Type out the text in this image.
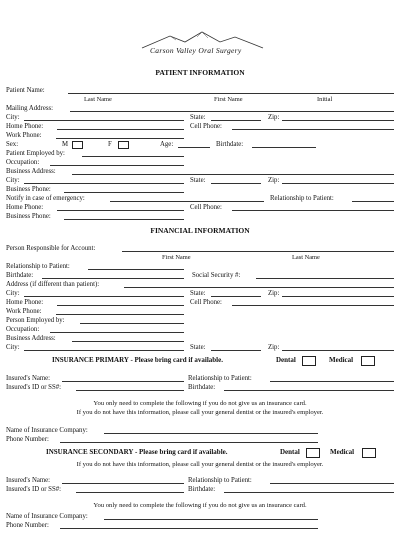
Carson Valley Oral Surgery
PATIENT INFORMATION
Patient Name:
Last Name	First Name	Initial
Mailing Address:
City:	State:	Zip:
Home Phone:	Cell Phone:
Work Phone:
Sex:	M	F	Age:	Birthdate:
Patient Employed by:
Occupation:
Business Address:
City:	State:	Zip:
Business Phone:
Notify in case of emergency:	Relationship to Patient:
Home Phone:	Cell Phone:
Business Phone:
FINANCIAL INFORMATION
Person Responsible for Account:
First Name	Last Name
Relationship to Patient:
Birthdate:	Social Security #:
Address (if different than patient):
City:	State:	Zip:
Home Phone:	Cell Phone:
Work Phone:
Person Employed by:
Occupation:
Business Address:
City:	State:	Zip:
INSURANCE PRIMARY - Please bring card if available.	Dental	Medical
Insured's Name:	Relationship to Patient:
Insured's ID or SS#:	Birthdate:
You only need to complete the following if you do not give us an insurance card.
If you do not have this information, please call your general dentist or the insured's employer.
Name of Insurance Company:
Phone Number:
INSURANCE SECONDARY - Please bring card if available.	Dental	Medical
If you do not have this information, please call your general dentist or the insured's employer.
Insured's Name:	Relationship to Patient:
Insured's ID or SS#:	Birthdate:
You only need to complete the following if you do not give us an insurance card.
Name of Insurance Company:
Phone Number:
